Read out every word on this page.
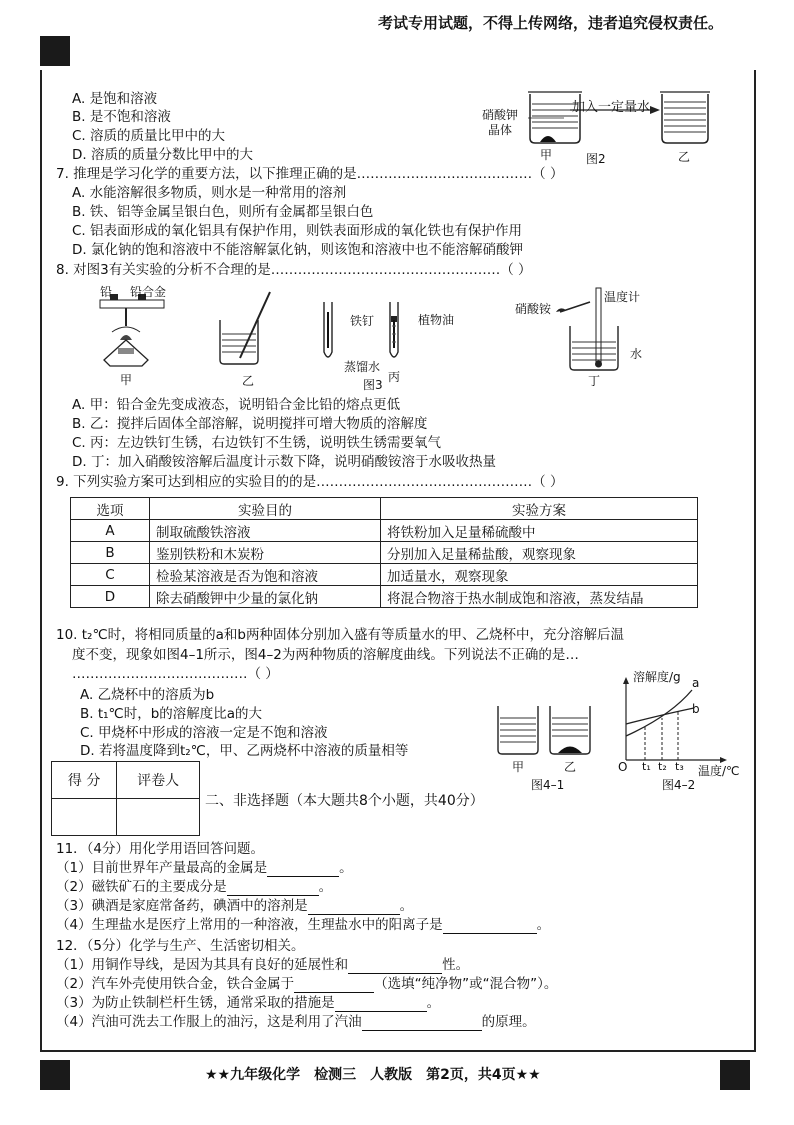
考试专用试题，不得上传网络，违者追究侵权责任。
A. 是饱和溶液
B. 是不饱和溶液
C. 溶质的质量比甲中的大
D. 溶质的质量分数比甲中的大
硝酸钾
晶体
加入一定量水
甲	图2	乙
7. 推理是学习化学的重要方法，以下推理正确的是…………………………………（ ）
A. 水能溶解很多物质，则水是一种常用的溶剂
B. 铁、铝等金属呈银白色，则所有金属都呈银白色
C. 铝表面形成的氧化铝具有保护作用，则铁表面形成的氧化铁也有保护作用
D. 氯化钠的饱和溶液中不能溶解氯化钠，则该饱和溶液中也不能溶解硝酸钾
8. 对图3有关实验的分析不合理的是……………………………………………（ ）
铅 铅合金
铁钉	植物油
蒸馏水
硝酸铵
温度计
水
甲	乙	图3
丙	丁
A. 甲：铅合金先变成液态，说明铅合金比铅的熔点更低
B. 乙：搅拌后固体全部溶解，说明搅拌可增大物质的溶解度
C. 丙：左边铁钉生锈，右边铁钉不生锈，说明铁生锈需要氧气
D. 丁：加入硝酸铵溶解后温度计示数下降，说明硝酸铵溶于水吸收热量
9. 下列实验方案可达到相应的实验目的的是…………………………………………（ ）
选项	实验目的	实验方案
A	制取硫酸铁溶液	将铁粉加入足量稀硫酸中
B	鉴别铁粉和木炭粉	分别加入足量稀盐酸，观察现象
C	检验某溶液是否为饱和溶液	加适量水，观察现象
D	除去硝酸钾中少量的氯化钠	将混合物溶于热水制成饱和溶液，蒸发结晶
10. t₂℃时，将相同质量的a和b两种固体分别加入盛有等质量水的甲、乙烧杯中，充分溶解后温
度不变，现象如图4–1所示，图4–2为两种物质的溶解度曲线。下列说法不正确的是…
…………………………………（ ）
A. 乙烧杯中的溶质为b
B. t₁℃时，b的溶解度比a的大
C. 甲烧杯中形成的溶液一定是不饱和溶液
D. 若将温度降到t₂℃，甲、乙两烧杯中溶液的质量相等
甲	乙
图4–1
溶解度/g a
b
O t₁ t₂ t₃ 温度/℃
图4–2
得 分	评卷人

二、非选择题（本大题共8个小题，共40分）
11．（4分）用化学用语回答问题。
（1）目前世界年产量最高的金属是	。
（2）磁铁矿石的主要成分是	。
（3）碘酒是家庭常备药，碘酒中的溶剂是	。
（4）生理盐水是医疗上常用的一种溶液，生理盐水中的阳离子是	。
12．（5分）化学与生产、生活密切相关。
（1）用铜作导线，是因为其具有良好的延展性和	性。
（2）汽车外壳使用铁合金，铁合金属于	（选填“纯净物”或“混合物”）。
（3）为防止铁制栏杆生锈，通常采取的措施是	。
（4）汽油可洗去工作服上的油污，这是利用了汽油	的原理。
★★九年级化学　检测三　人教版　第2页，共4页★★
